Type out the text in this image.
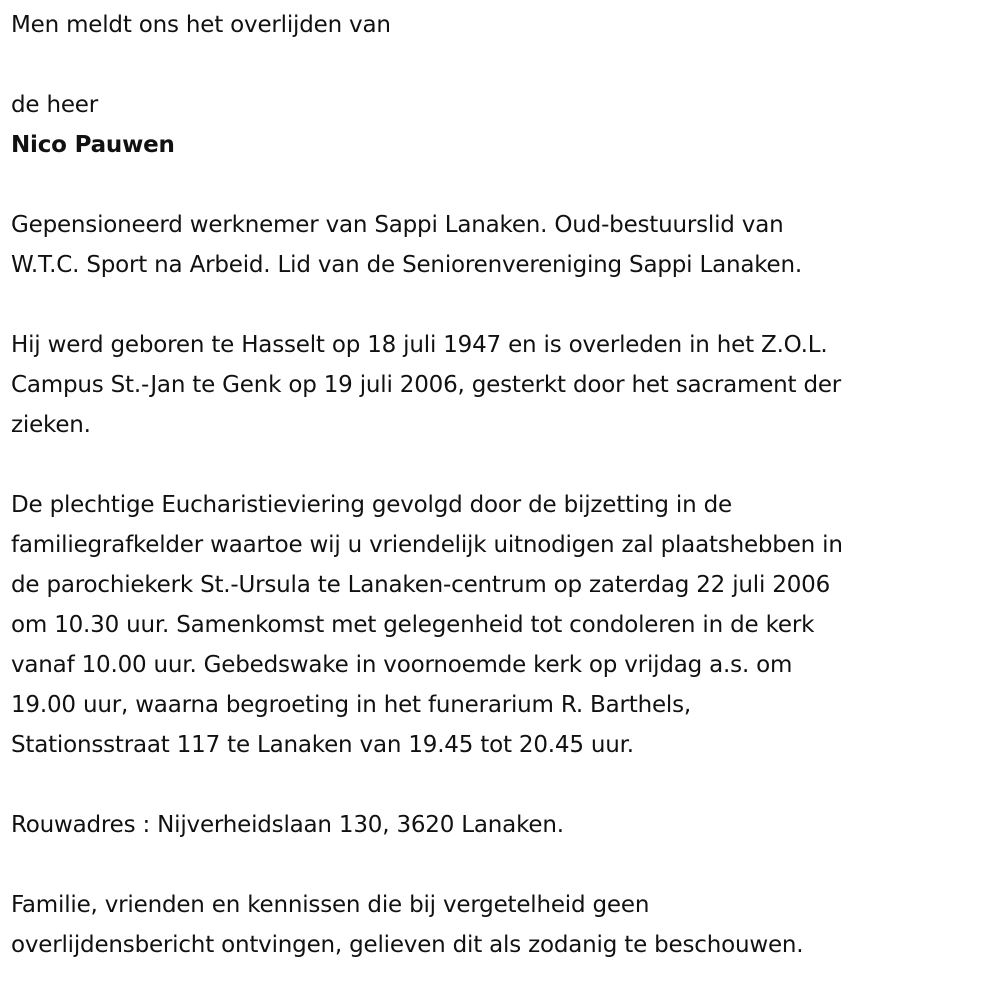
Men meldt ons het overlijden van

de heer

Nico Pauwen

Gepensioneerd werknemer van Sappi Lanaken. Oud-bestuurslid van

W.T.C. Sport na Arbeid. Lid van de Seniorenvereniging Sappi Lanaken.

Hij werd geboren te Hasselt op 18 juli 1947 en is overleden in het Z.O.L.

Campus St.-Jan te Genk op 19 juli 2006, gesterkt door het sacrament der

zieken.

De plechtige Eucharistieviering gevolgd door de bijzetting in de

familiegrafkelder waartoe wij u vriendelijk uitnodigen zal plaatshebben in

de parochiekerk St.-Ursula te Lanaken-centrum op zaterdag 22 juli 2006

om 10.30 uur. Samenkomst met gelegenheid tot condoleren in de kerk

vanaf 10.00 uur. Gebedswake in voornoemde kerk op vrijdag a.s. om

19.00 uur, waarna begroeting in het funerarium R. Barthels,

Stationsstraat 117 te Lanaken van 19.45 tot 20.45 uur.

Rouwadres : Nijverheidslaan 130, 3620 Lanaken.

Familie, vrienden en kennissen die bij vergetelheid geen

overlijdensbericht ontvingen, gelieven dit als zodanig te beschouwen.
